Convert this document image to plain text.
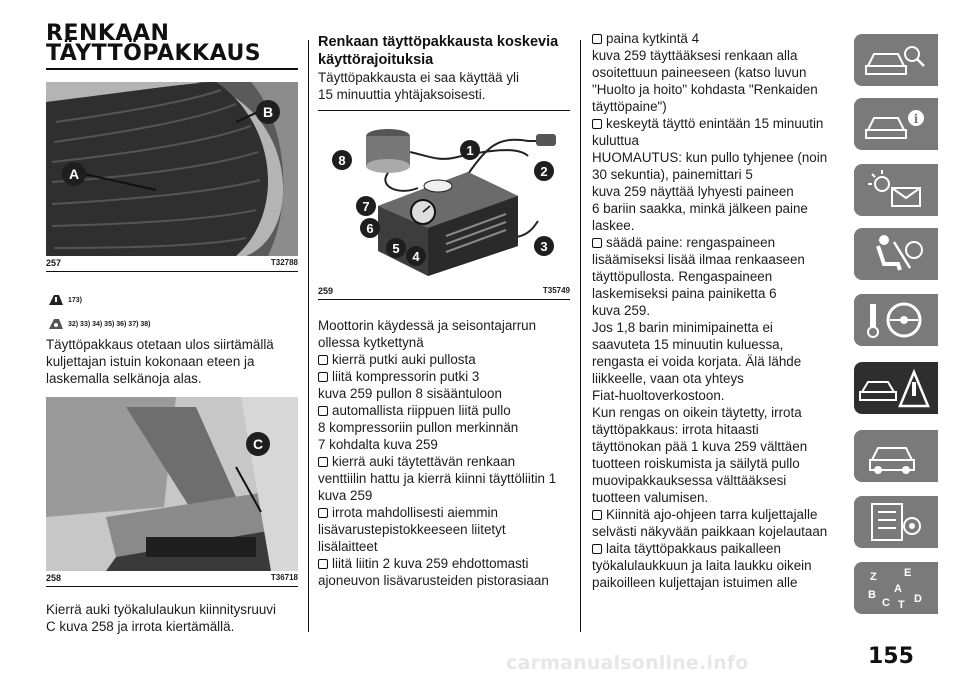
RENKAAN
TÄYTTÖPAKKAUS
A
B
257	T32788
173)
32) 33) 34) 35) 36) 37) 38)
Täyttöpakkaus otetaan ulos siirtämällä
kuljettajan istuin kokonaan eteen ja
laskemalla selkänoja alas.
C
258	T36718
Kierrä auki työkalulaukun kiinnitysruuvi
C kuva 258 ja irrota kiertämällä.
Renkaan täyttöpakkausta koskevia
käyttörajoituksia
Täyttöpakkausta ei saa käyttää yli
15 minuuttia yhtäjaksoisesti.
1
2
3
4
5
6
7
8
259	T35749
Moottorin käydessä ja seisontajarrun
ollessa kytkettynä
kierrä putki auki pullosta
liitä kompressorin putki 3
kuva 259 pullon 8 sisääntuloon
automallista riippuen liitä pullo
8 kompressoriin pullon merkinnän
7 kohdalta kuva 259
kierrä auki täytettävän renkaan
venttiilin hattu ja kierrä kiinni täyttöliitin 1
kuva 259
irrota mahdollisesti aiemmin
lisävarustepistokkeeseen liitetyt
lisälaitteet
liitä liitin 2 kuva 259 ehdottomasti
ajoneuvon lisävarusteiden pistorasiaan
paina kytkintä 4
kuva 259 täyttääksesi renkaan alla
osoitettuun paineeseen (katso luvun
"Huolto ja hoito" kohdasta "Renkaiden
täyttöpaine")
keskeytä täyttö enintään 15 minuutin
kuluttua
HUOMAUTUS: kun pullo tyhjenee (noin
30 sekuntia), painemittari 5
kuva 259 näyttää lyhyesti paineen
6 bariin saakka, minkä jälkeen paine
laskee.
säädä paine: rengaspaineen
lisäämiseksi lisää ilmaa renkaaseen
täyttöpullosta. Rengaspaineen
laskemiseksi paina painiketta 6
kuva 259.
Jos 1,8 barin minimipainetta ei
saavuteta 15 minuutin kuluessa,
rengasta ei voida korjata. Älä lähde
liikkeelle, vaan ota yhteys
Fiat-huoltoverkostoon.
Kun rengas on oikein täytetty, irrota
täyttöpakkaus: irrota hitaasti
täyttönokan pää 1 kuva 259 välttäen
tuotteen roiskumista ja säilytä pullo
muovipakkauksessa välttääksesi
tuotteen valumisen.
Kiinnitä ajo-ohjeen tarra kuljettajalle
selvästi näkyvään paikkaan kojelautaan
laita täyttöpakkaus paikalleen
työkalulaukkuun ja laita laukku oikein
paikoilleen kuljettajan istuimen alle
i
Z E
B A
C T D
155
carmanualsonline.info
